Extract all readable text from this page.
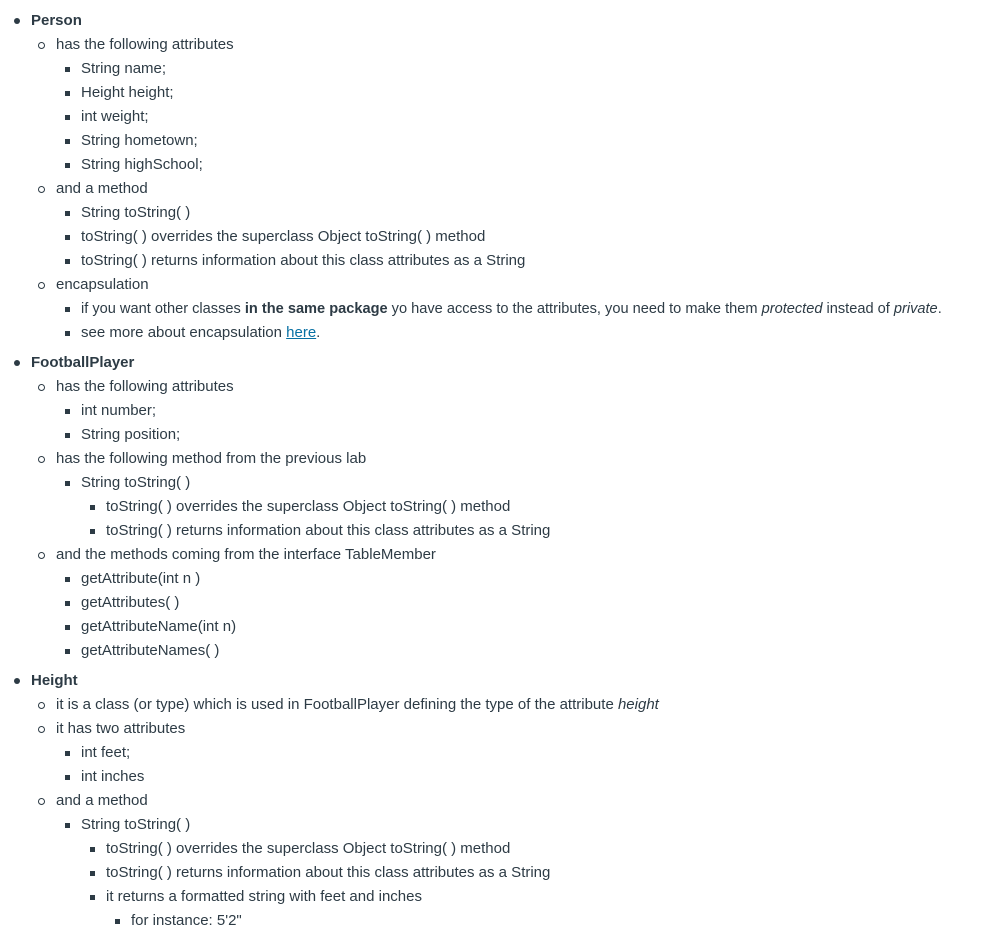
Person
has the following attributes
String name;
Height height;
int weight;
String hometown;
String highSchool;
and a method
String toString( )
toString( ) overrides the superclass Object toString( ) method
toString( ) returns information about this class attributes as a String
encapsulation
if you want other classes in the same package yo have access to the attributes, you need to make them protected instead of private.
see more about encapsulation here.
FootballPlayer
has the following attributes
int number;
String position;
has the following method from the previous lab
String toString( )
toString( ) overrides the superclass Object toString( ) method
toString( ) returns information about this class attributes as a String
and the methods coming from the interface TableMember
getAttribute(int n )
getAttributes( )
getAttributeName(int n)
getAttributeNames( )
Height
it is a class (or type) which is used in FootballPlayer defining the type of the attribute height
it has two attributes
int feet;
int inches
and a method
String toString( )
toString( ) overrides the superclass Object toString( ) method
toString( ) returns information about this class attributes as a String
it returns a formatted string with feet and inches
for instance: 5'2"
